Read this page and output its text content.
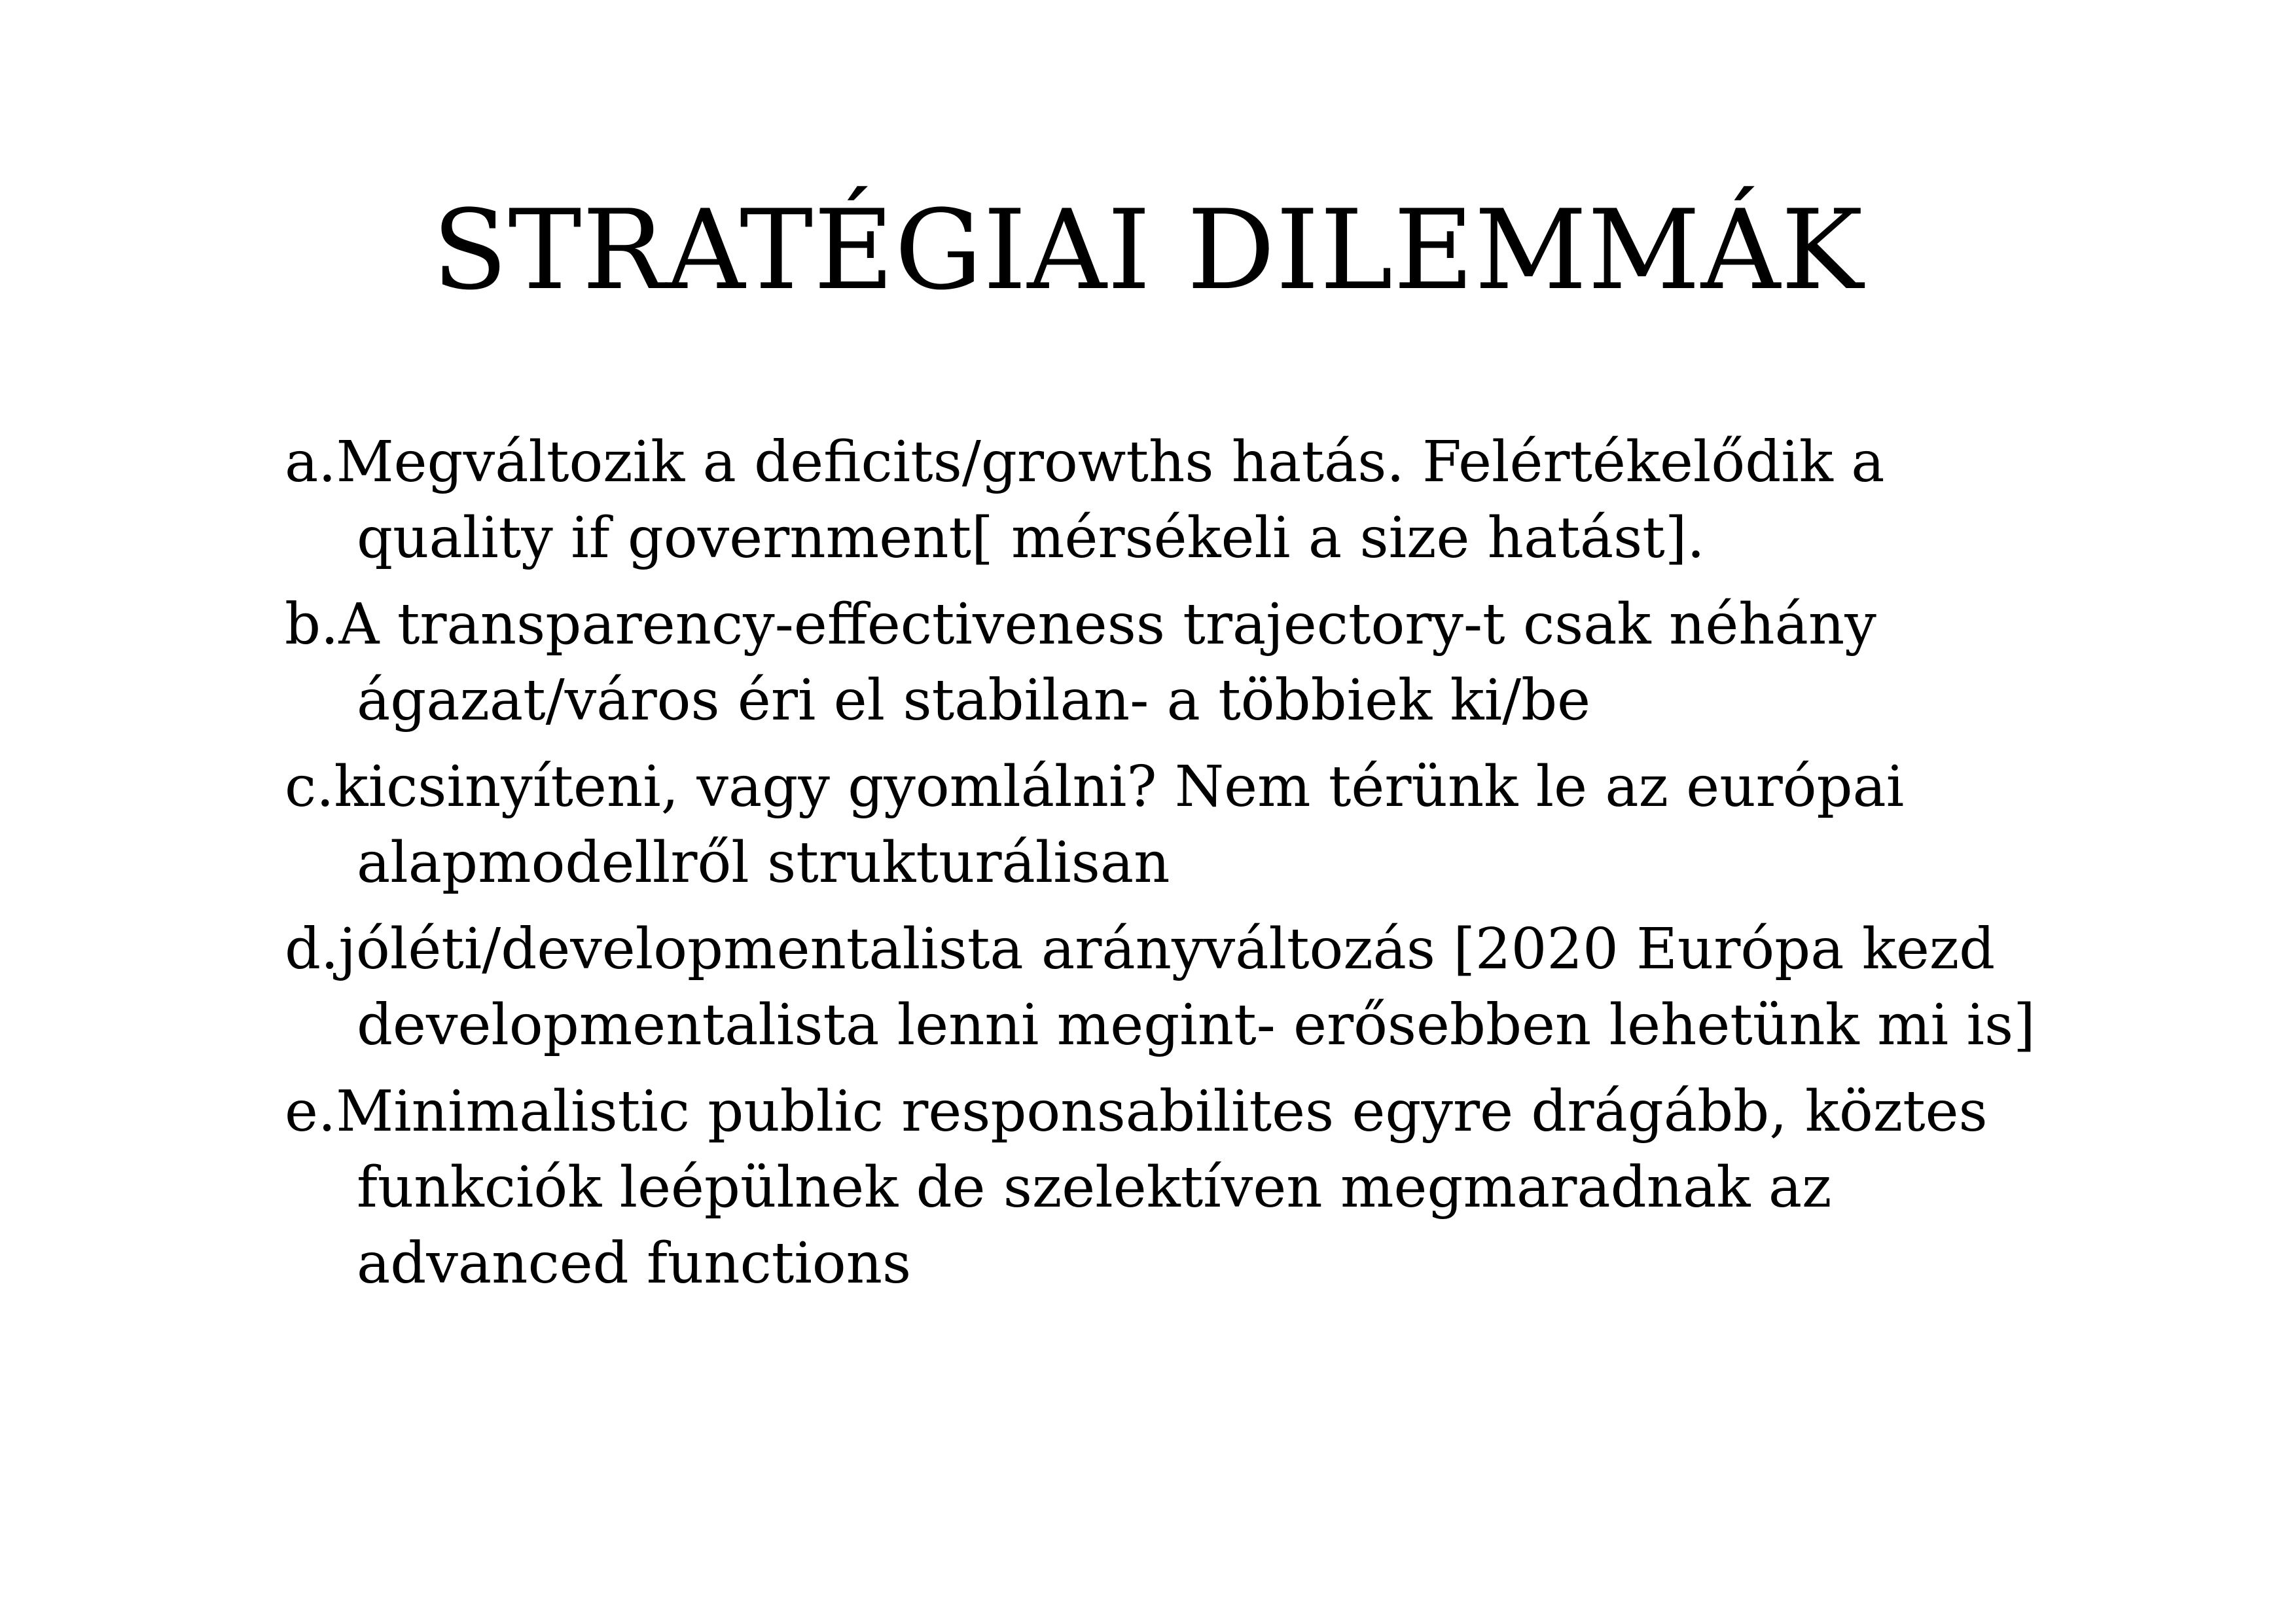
STRATÉGIAI DILEMMÁK
a.Megváltozik a deficits/growths hatás. Felértékelődik a quality if government[ mérsékeli a size hatást].
b.A transparency-effectiveness trajectory-t csak néhány ágazat/város éri el stabilan- a többiek ki/be
c.kicsinyíteni, vagy gyomlálni? Nem térünk le az európai alapmodellről strukturálisan
d.jóléti/developmentalista arányváltozás [2020 Európa kezd developmentalista lenni megint- erősebben lehetünk mi is]
e.Minimalistic public responsabilites egyre drágább, köztes funkciók leépülnek de szelektíven megmaradnak az advanced functions
